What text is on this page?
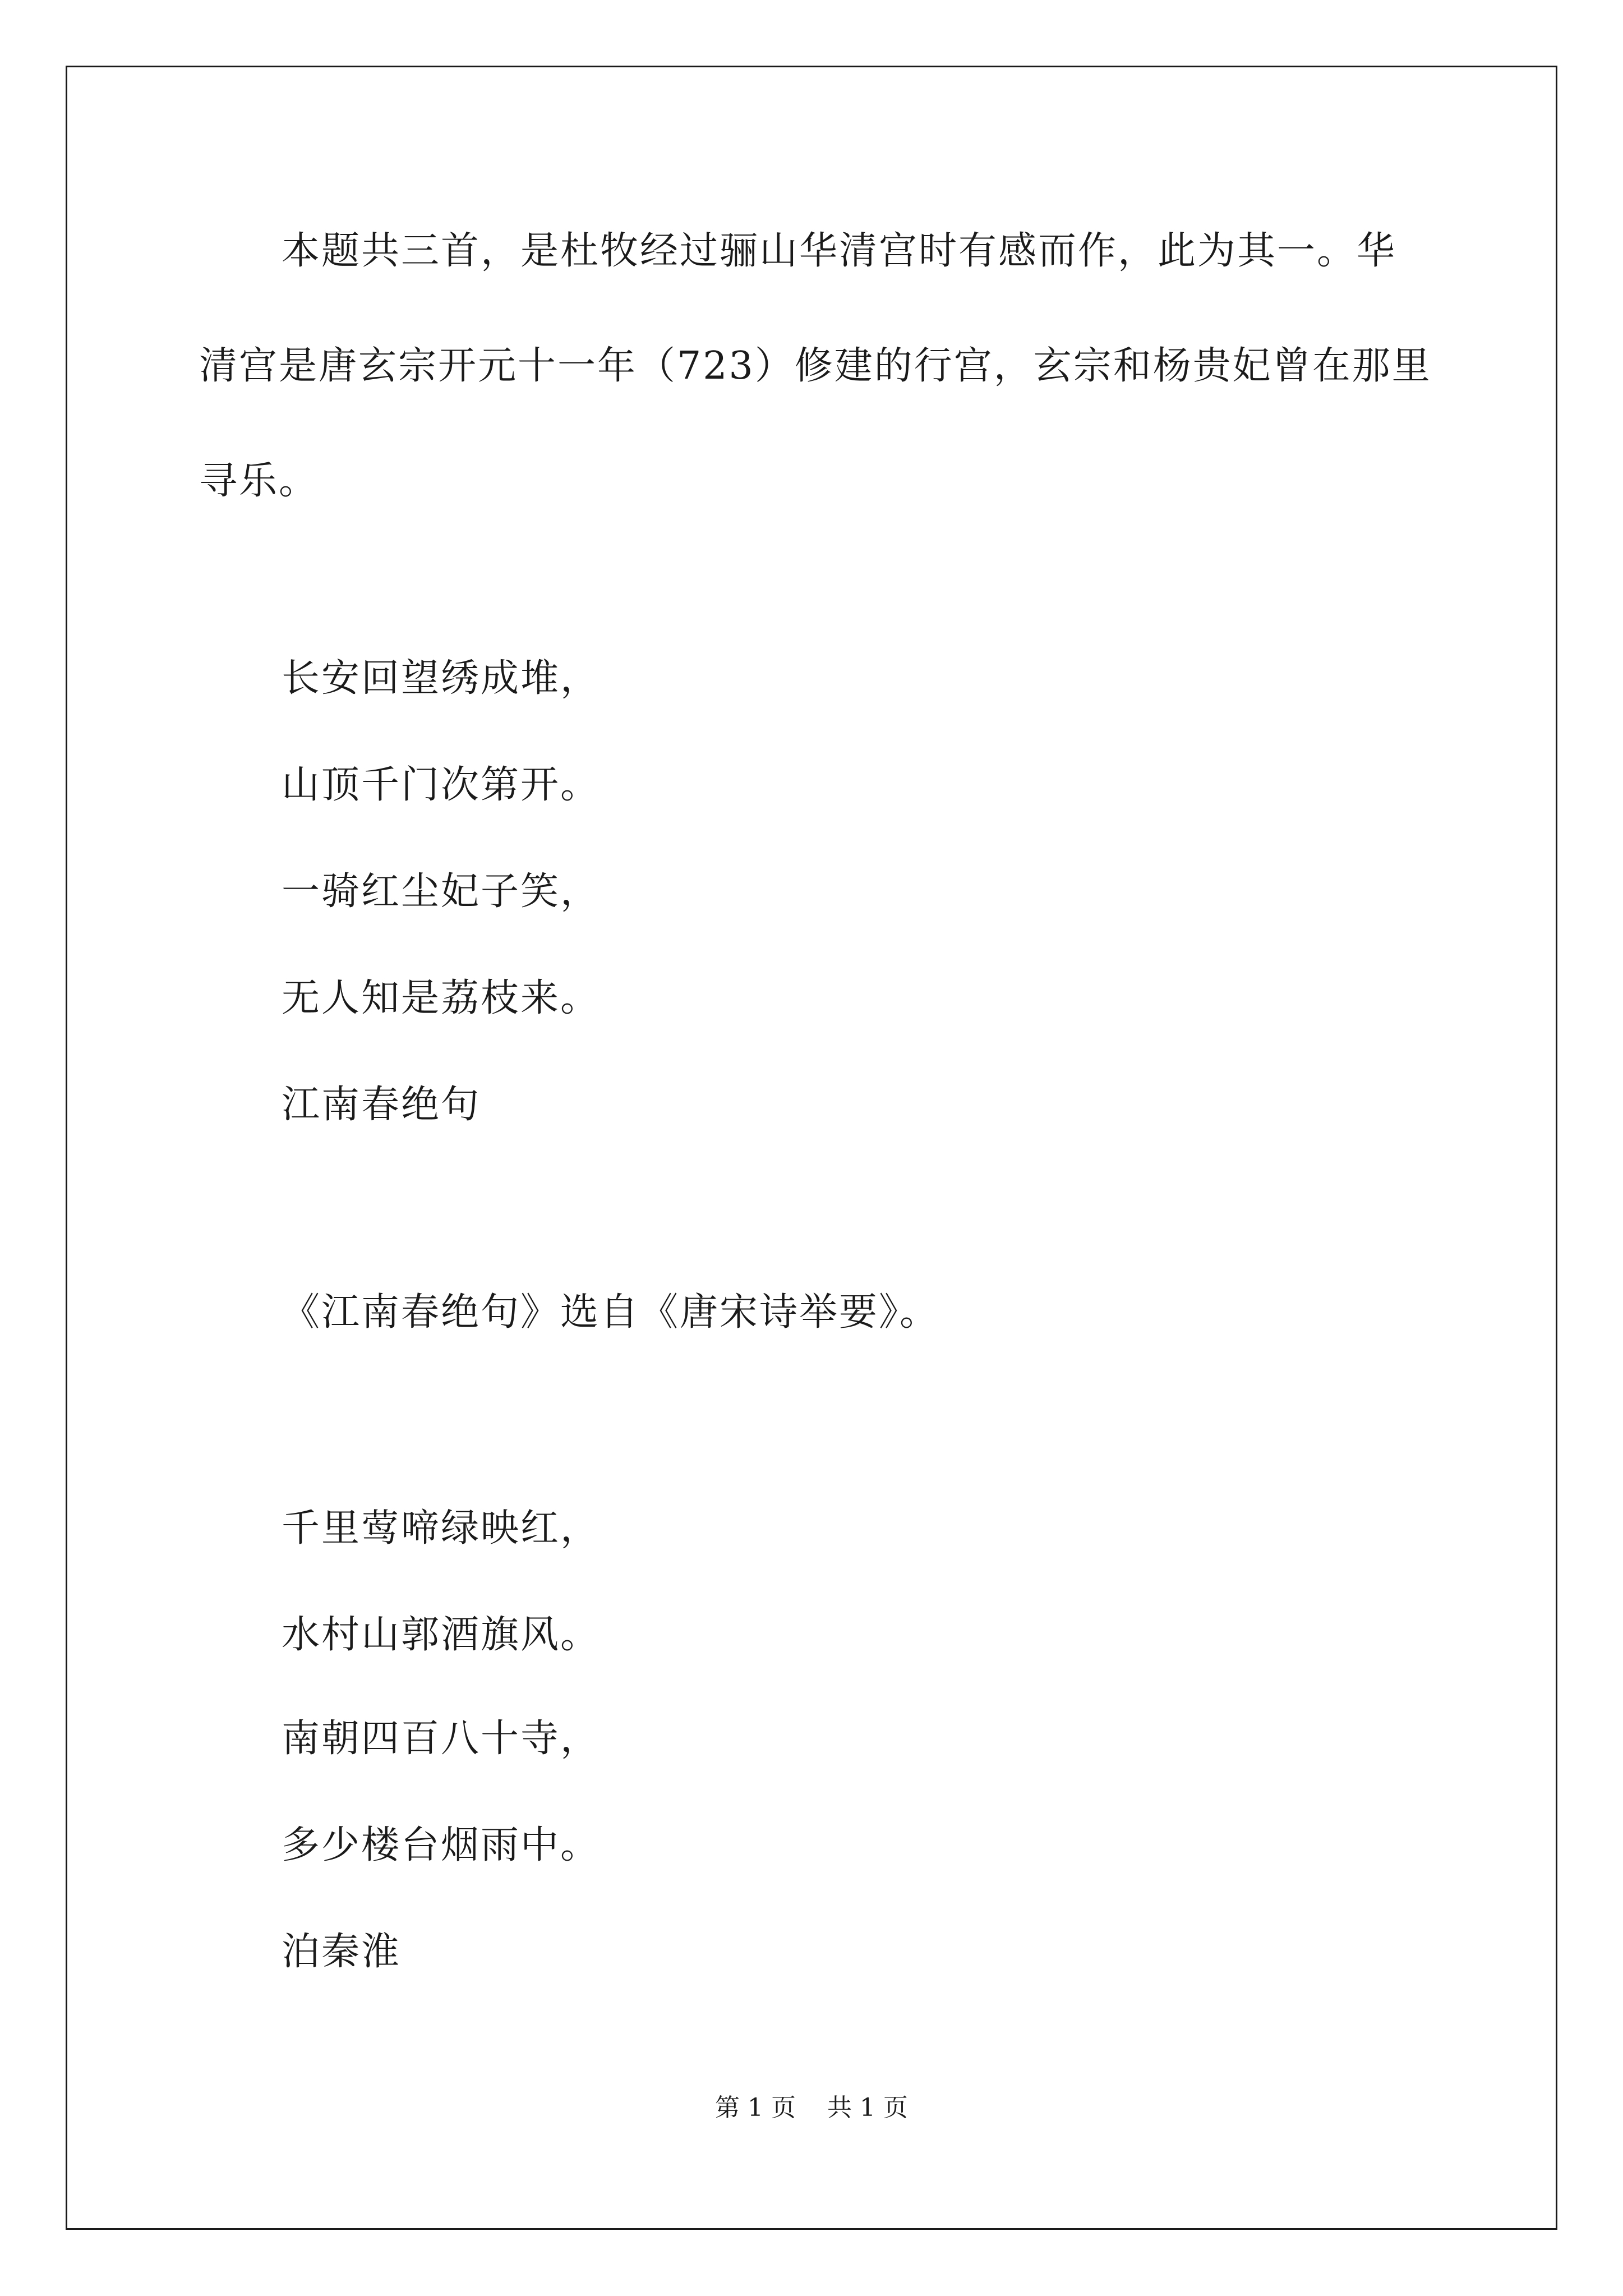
本题共三首，是杜牧经过骊山华清宫时有感而作，此为其一。华清宫是唐玄宗开元十一年（723）修建的行宫，玄宗和杨贵妃曾在那里寻乐。

长安回望绣成堆，

山顶千门次第开。

一骑红尘妃子笑，

无人知是荔枝来。

江南春绝句

《江南春绝句》选自《唐宋诗举要》。

千里莺啼绿映红，

水村山郭酒旗风。

南朝四百八十寺，

多少楼台烟雨中。

泊秦淮

第 1 页    共 1 页
